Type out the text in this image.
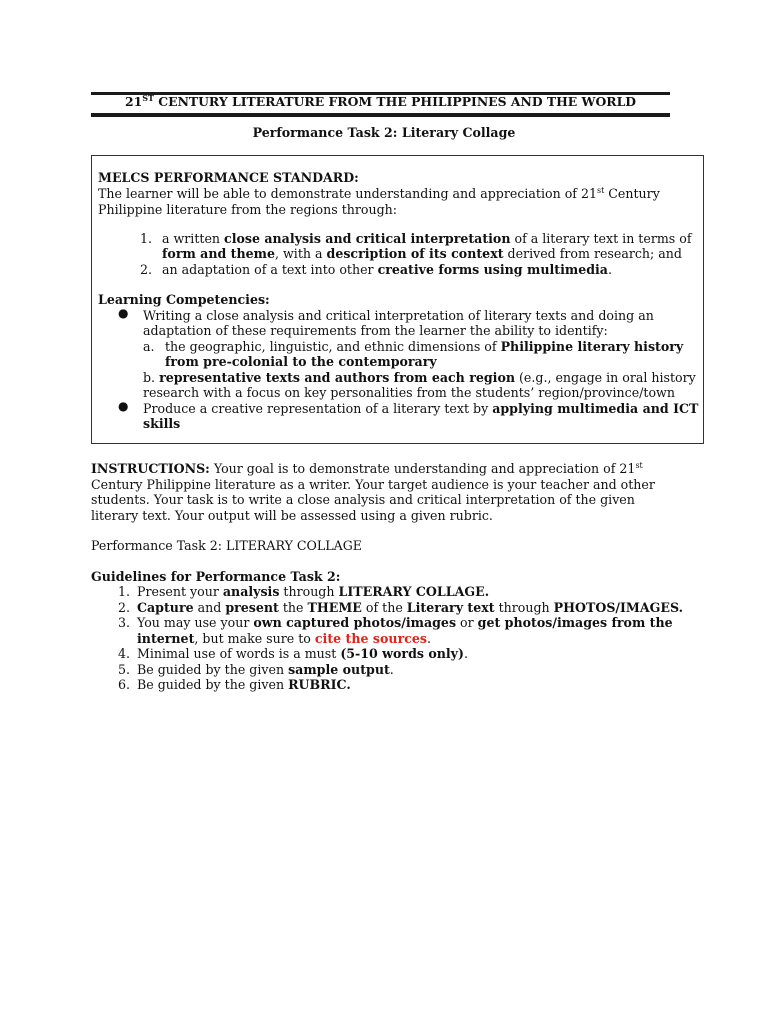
21ST CENTURY LITERATURE FROM THE PHILIPPINES AND THE WORLD
Performance Task 2: Literary Collage
MELCS PERFORMANCE STANDARD:
The learner will be able to demonstrate understanding and appreciation of 21st Century
Philippine literature from the regions through:
1. a written close analysis and critical interpretation of a literary text in terms of
form and theme, with a description of its context derived from research; and
2. an adaptation of a text into other creative forms using multimedia.
Learning Competencies:
● Writing a close analysis and critical interpretation of literary texts and doing an
adaptation of these requirements from the learner the ability to identify:
a. the geographic, linguistic, and ethnic dimensions of Philippine literary history
from pre-colonial to the contemporary
b. representative texts and authors from each region (e.g., engage in oral history
research with a focus on key personalities from the students’ region/province/town
● Produce a creative representation of a literary text by applying multimedia and ICT
skills
INSTRUCTIONS: Your goal is to demonstrate understanding and appreciation of 21st
Century Philippine literature as a writer. Your target audience is your teacher and other
students. Your task is to write a close analysis and critical interpretation of the given
literary text. Your output will be assessed using a given rubric.
Performance Task 2: LITERARY COLLAGE
Guidelines for Performance Task 2:
1. Present your analysis through LITERARY COLLAGE.
2. Capture and present the THEME of the Literary text through PHOTOS/IMAGES.
3. You may use your own captured photos/images or get photos/images from the
internet, but make sure to cite the sources.
4. Minimal use of words is a must (5-10 words only).
5. Be guided by the given sample output.
6. Be guided by the given RUBRIC.
